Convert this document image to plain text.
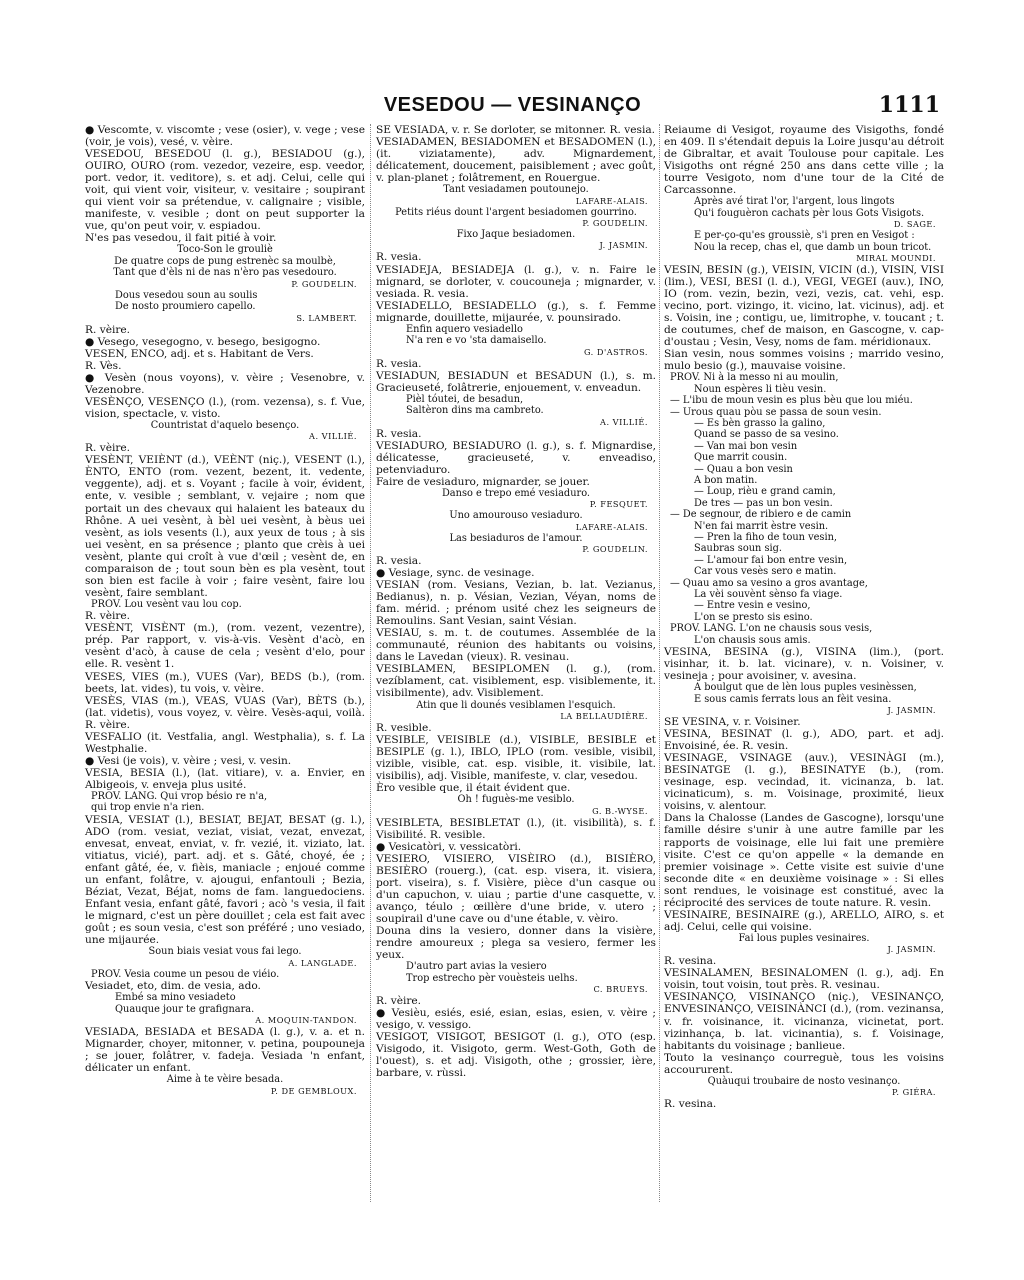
VESEDOU — VESINANÇO	1111
● Vescomte, v. viscomte ; vese (osier), v. vege ; vese (voir, je vois), vesé, v. vèire.
VESEDOU, BESEDOU (l. g.), BESIADOU (g.), OUIRO, OURO (rom. vezedor, vezeire, esp. veedor, port. vedor, it. veditore), s. et adj. Celui, celle qui voit, qui vient voir, visiteur, v. vesitaire ; soupirant qui vient voir sa prétendue, v. calignaire ; visible, manifeste, v. vesible ; dont on peut supporter la vue, qu'on peut voir, v. espiadou.
N'es pas vesedou, il fait pitié à voir.
Toco-Son le grouliè
De quatre cops de pung estrenèc sa moulbè,
Tant que d'èls ni de nas n'èro pas vesedouro.
P. GOUDELIN.
Dous vesedou soun au soulis
De nosto proumiero capello.
S. LAMBERT.
R. vèire.
● Vesego, vesegogno, v. besego, besigogno.
VESEN, ENCO, adj. et s. Habitant de Vers.
R. Vès.
● Vesèn (nous voyons), v. vèire ; Vesenobre, v. Vezenobre.
VESÈNÇO, VESENÇO (l.), (rom. vezensa), s. f. Vue, vision, spectacle, v. visto.
Countristat d'aquelo besenço.
A. VILLIÉ.
R. vèire.
VESÈNT, VEIÈNT (d.), VEÈNT (niç.), VESENT (l.), ÈNTO, ENTO (rom. vezent, bezent, it. vedente, veggente), adj. et s. Voyant ; facile à voir, évident, ente, v. vesible ; semblant, v. vejaire ; nom que portait un des chevaux qui halaient les bateaux du Rhône. A uei vesènt, à bèl uei vesènt, à bèus uei vesènt, as iols vesents (l.), aux yeux de tous ; à sis uei vesènt, en sa présence ; planto que crèis à uei vesènt, plante qui croît à vue d'œil ; vesènt de, en comparaison de ; tout soun bèn es pla vesènt, tout son bien est facile à voir ; faire vesènt, faire lou vesènt, faire semblant.
PROV. Lou vesènt vau lou cop.
R. vèire.
VESÈNT, VISÈNT (m.), (rom. vezent, vezentre), prép. Par rapport, v. vis-à-vis. Vesènt d'acò, en vesènt d'acò, à cause de cela ; vesènt d'elo, pour elle. R. vesènt 1.
VESES, VIES (m.), VUES (Var), BEDS (b.), (rom. beets, lat. vides), tu vois, v. vèire.
VESÈS, VIAS (m.), VEAS, VUAS (Var), BÈTS (b.), (lat. videtis), vous voyez, v. vèire. Vesès-aqui, voilà. R. vèire.
VESFALIO (it. Vestfalia, angl. Westphalia), s. f. La Westphalie.
● Vesi (je vois), v. vèire ; vesi, v. vesin.
VESIA, BESIA (l.), (lat. vitiare), v. a. Envier, en Albigeois, v. enveja plus usité.
PROV. LANG. Qui vrop bésio re n'a,
qui trop envie n'a rien.
VESIA, VESIAT (l.), BESIAT, BEJAT, BESAT (g. l.), ADO (rom. vesiat, veziat, visiat, vezat, envezat, envesat, enveat, enviat, v. fr. vezié, it. viziato, lat. vitiatus, vicié), part. adj. et s. Gâté, choyé, ée ; enfant gâté, ée, v. fièis, maniacle ; enjoué comme un enfant, folâtre, v. ajougui, enfantouli ; Bezia, Béziat, Vezat, Béjat, noms de fam. languedociens. Enfant vesia, enfant gâté, favori ; acò 's vesia, il fait le mignard, c'est un père douillet ; cela est fait avec goût ; es soun vesia, c'est son préféré ; uno vesiado, une mijaurée.
Soun biais vesiat vous fai lego.
A. LANGLADE.
PROV. Vesia coume un pesou de viéio.
Vesiadet, eto, dim. de vesia, ado.
Embé sa mino vesiadeto
Quauque jour te grafignara.
A. MOQUIN-TANDON.
VESIADA, BESIADA et BESADA (l. g.), v. a. et n. Mignarder, choyer, mitonner, v. petina, poupouneja ; se jouer, folâtrer, v. fadeja. Vesiada 'n enfant, délicater un enfant.
Aime à te vèire besada.
P. DE GEMBLOUX.
SE VESIADA, v. r. Se dorloter, se mitonner. R. vesia.
VESIADAMEN, BESIADOMEN et BESADOMEN (l.), (it. viziatamente), adv. Mignardement, délicatement, doucement, paisiblement ; avec goût, v. plan-planet ; folâtrement, en Rouergue.
Tant vesiadamen poutounejo.
LAFARE-ALAIS.
Petits riéus dount l'argent besiadomen gourrino.
P. GOUDELIN.
Fixo Jaque besiadomen.
J. JASMIN.
R. vesia.
VESIADEJA, BESIADEJA (l. g.), v. n. Faire le mignard, se dorloter, v. coucouneja ; mignarder, v. vesiada. R. vesia.
VESIADELLO, BESIADELLO (g.), s. f. Femme mignarde, douillette, mijaurée, v. pounsirado.
Enfin aquero vesiadello
N'a ren e vo 'sta damaisello.
G. D'ASTROS.
R. vesia.
VESIADUN, BESIADUN et BESADUN (l.), s. m. Gracieuseté, folâtrerie, enjouement, v. enveadun.
Pièl tóutei, de besadun,
Saltèron dins ma cambreto.
A. VILLIÉ.
R. vesia.
VESIADURO, BESIADURO (l. g.), s. f. Mignardise, délicatesse, gracieuseté, v. enveadiso, petenviaduro.
Faire de vesiaduro, mignarder, se jouer.
Danso e trepo emé vesiaduro.
P. FESQUET.
Uno amourouso vesiaduro.
LAFARE-ALAIS.
Las besiaduros de l'amour.
P. GOUDELIN.
R. vesia.
● Vesiage, sync. de vesinage.
VESIAN (rom. Vesians, Vezian, b. lat. Vezianus, Bedianus), n. p. Vésian, Vezian, Véyan, noms de fam. mérid. ; prénom usité chez les seigneurs de Remoulins. Sant Vesian, saint Vésian.
VESIAU, s. m. t. de coutumes. Assemblée de la communauté, réunion des habitants ou voisins, dans le Lavedan (vieux). R. vesinau.
VESIBLAMEN, BESIPLOMEN (l. g.), (rom. vezíblament, cat. visiblement, esp. visiblemente, it. visibilmente), adv. Visiblement.
Atin que li dounés vesiblamen l'esquich.
LA BELLAUDIÈRE.
R. vesible.
VESIBLE, VEISIBLE (d.), VISIBLE, BESIBLE et BESIPLE (g. l.), IBLO, IPLO (rom. vesible, visibil, vizible, visible, cat. esp. visible, it. visibile, lat. visibilis), adj. Visible, manifeste, v. clar, vesedou.
Èro vesible que, il était évident que.
Oh ! fuguès-me vesiblo.
G. B.-WYSE.
VESIBLETA, BESIBLETAT (l.), (it. visibilità), s. f. Visibilité. R. vesible.
● Vesicatòri, v. vessicatòri.
VESIERO, VISIERO, VISÈIRO (d.), BISIÈRO, BESIÈRO (rouerg.), (cat. esp. visera, it. visiera, port. viseira), s. f. Visière, pièce d'un casque ou d'un capuchon, v. uiau ; partie d'une casquette, v. avanço, téulo ; œillère d'une bride, v. utero ; soupirail d'une cave ou d'une étable, v. vèiro.
Douna dins la vesiero, donner dans la visière, rendre amoureux ; plega sa vesiero, fermer les yeux.
D'autro part avias la vesiero
Trop estrecho pèr vouèsteis uelhs.
C. BRUEYS.
R. vèire.
● Vesièu, esiés, esié, esian, esias, esien, v. vèire ; vesigo, v. vessigo.
VESIGOT, VISIGOT, BESIGOT (l. g.), OTO (esp. Visigodo, it. Visigoto, germ. West-Goth, Goth de l'ouest), s. et adj. Visigoth, othe ; grossier, ière, barbare, v. rùssi.
Reiaume di Vesigot, royaume des Visigoths, fondé en 409. Il s'étendait depuis la Loire jusqu'au détroit de Gibraltar, et avait Toulouse pour capitale. Les Visigoths ont régné 250 ans dans cette ville ; la tourre Vesigoto, nom d'une tour de la Cité de Carcassonne.
Après avé tirat l'or, l'argent, lous lingots
Qu'i fouguèron cachats pèr lous Gots Visigots.
D. SAGE.
E per-ço-qu'es groussiè, s'i pren en Vesigot :
Nou la recep, chas el, que damb un boun tricot.
MIRAL MOUNDI.
VESIN, BESIN (g.), VEISIN, VICIN (d.), VISIN, VISI (lim.), VESI, BESI (l. d.), VEGI, VEGEI (auv.), INO, IO (rom. vezin, bezin, vezi, vezis, cat. vehi, esp. vecino, port. vizingo, it. vicino, lat. vicinus), adj. et s. Voisin, ine ; contigu, ue, limitrophe, v. toucant ; t. de coutumes, chef de maison, en Gascogne, v. cap-d'oustau ; Vesin, Vesy, noms de fam. méridionaux.
Sian vesin, nous sommes voisins ; marrido vesino, mulo besio (g.), mauvaise voisine.
PROV. Ni à la messo ni au moulin,
Noun espères li tièu vesin.
— L'ibu de moun vesin es plus bèu que lou miéu.
— Urous quau pòu se passa de soun vesin.
— Es bèn grasso la galino,
Quand se passo de sa vesino.
— Van mai bon vesin
Que marrit cousin.
— Quau a bon vesin
A bon matin.
— Loup, rièu e grand camin,
De tres — pas un bon vesin.
— De segnour, de ribiero e de camin
N'en fai marrit èstre vesin.
— Pren la fiho de toun vesin,
Saubras soun sig.
— L'amour fai bon entre vesin,
Car vous vesès sero e matin.
— Quau amo sa vesino a gros avantage,
La vèi souvènt sènso fa viage.
— Entre vesin e vesino,
L'on se presto sis esino.
PROV. LANG. L'on ne chausis sous vesis,
L'on chausis sous amis.
VESINA, BESINA (g.), VISINA (lim.), (port. visinhar, it. b. lat. vicinare), v. n. Voisiner, v. vesineja ; pour avoisiner, v. avesina.
A boulgut que de lèn lous puples vesinèssen,
E sous camis ferrats lous an fèit vesina.
J. JASMIN.
SE VESINA, v. r. Voisiner.
VESINA, BESINAT (l. g.), ADO, part. et adj. Envoisiné, ée. R. vesin.
VESINAGE, VSINAGE (auv.), VESINÀGI (m.), BESINATGE (l. g.), BESINATYE (b.), (rom. vesinage, esp. vecindad, it. vicinanza, b. lat. vicinaticum), s. m. Voisinage, proximité, lieux voisins, v. alentour.
Dans la Chalosse (Landes de Gascogne), lorsqu'une famille désire s'unir à une autre famille par les rapports de voisinage, elle lui fait une première visite. C'est ce qu'on appelle « la demande en premier voisinage ». Cette visite est suivie d'une seconde dite « en deuxième voisinage » : Si elles sont rendues, le voisinage est constitué, avec la réciprocité des services de toute nature. R. vesin.
VESINAIRE, BESINAIRE (g.), ARELLO, AIRO, s. et adj. Celui, celle qui voisine.
Fai lous puples vesinaires.
J. JASMIN.
R. vesina.
VESINALAMEN, BESINALOMEN (l. g.), adj. En voisin, tout voisin, tout près. R. vesinau.
VESINANÇO, VISINANÇO (niç.), VESINANÇO, ENVESINANÇO, VEISINÀNCI (d.), (rom. vezinansa, v. fr. voisinance, it. vicinanza, vicinetat, port. vizinhança, b. lat. vicinantia), s. f. Voisinage, habitants du voisinage ; banlieue.
Touto la vesinanço courreguè, tous les voisins accoururent.
Quàuqui troubaire de nosto vesinanço.
P. GIÉRA.
R. vesina.
